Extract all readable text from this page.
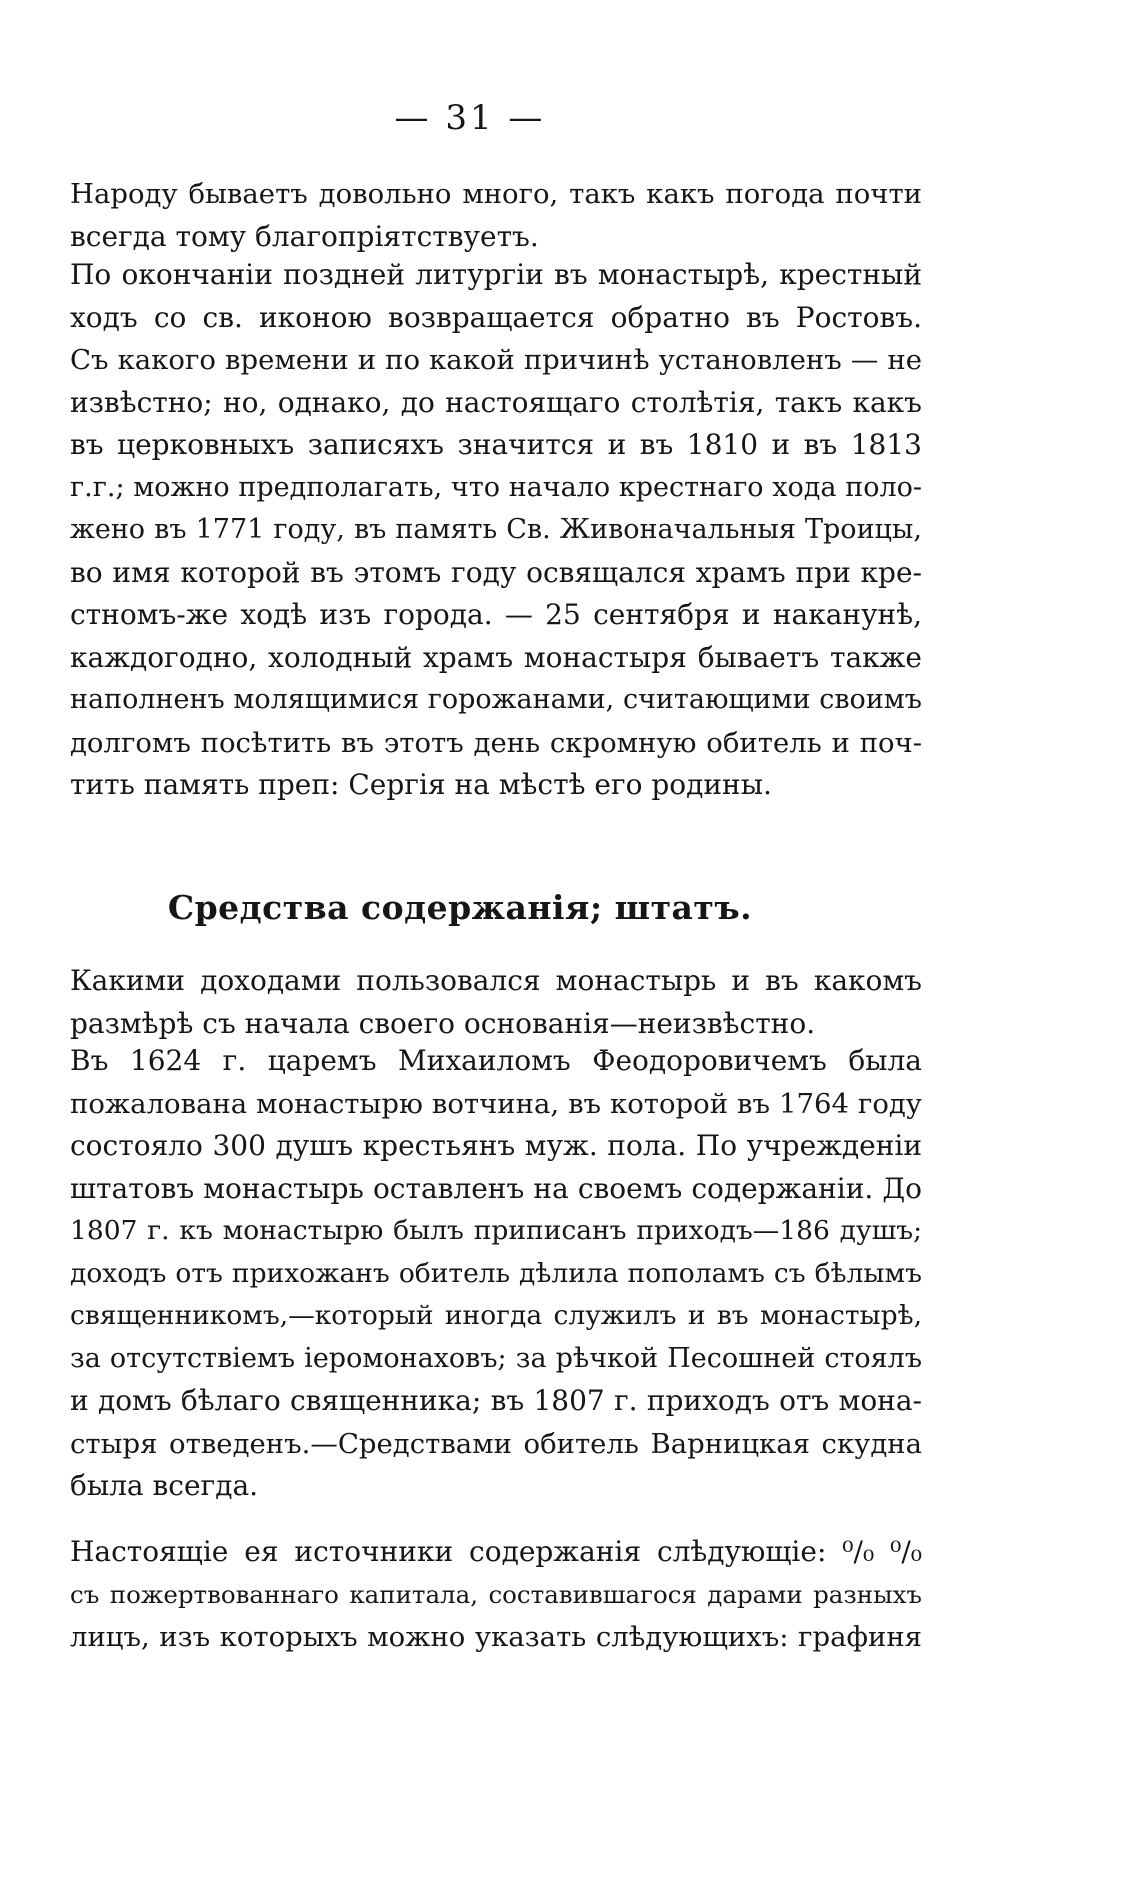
— 31 —
Народу бываетъ довольно много, такъ какъ погода почти
всегда тому благопріятствуетъ.
По окончаніи поздней литургіи въ монастырѣ, крестный
ходъ со св. иконою возвращается обратно въ Ростовъ.
Съ какого времени и по какой причинѣ установленъ — не
извѣстно; но, однако, до настоящаго столѣтія, такъ какъ
въ церковныхъ записяхъ значится и въ 1810 и въ 1813
г.г.; можно предполагать, что начало крестнаго хода поло-
жено въ 1771 году, въ память Св. Живоначальныя Троицы,
во имя которой въ этомъ году освящался храмъ при кре-
стномъ-же ходѣ изъ города. — 25 сентября и наканунѣ,
каждогодно, холодный храмъ монастыря бываетъ также
наполненъ молящимися горожанами, считающими своимъ
долгомъ посѣтить въ этотъ день скромную обитель и поч-
тить память преп: Сергія на мѣстѣ его родины.
Средства содержанія; штатъ.
Какими доходами пользовался монастырь и въ какомъ
размѣрѣ съ начала своего основанія—неизвѣстно.
Въ 1624 г. царемъ Михаиломъ Феодоровичемъ была
пожалована монастырю вотчина, въ которой въ 1764 году
состояло 300 душъ крестьянъ муж. пола. По учрежденіи
штатовъ монастырь оставленъ на своемъ содержаніи. До
1807 г. къ монастырю былъ приписанъ приходъ—186 душъ;
доходъ отъ прихожанъ обитель дѣлила пополамъ съ бѣлымъ
священникомъ,—который иногда служилъ и въ монастырѣ,
за отсутствіемъ іеромонаховъ; за рѣчкой Песошней стоялъ
и домъ бѣлаго священника; въ 1807 г. приходъ отъ мона-
стыря отведенъ.—Средствами обитель Варницкая скудна
была всегда.
Настоящіе ея источники содержанія слѣдующіе: ⁰/₀ ⁰/₀
съ пожертвованнаго капитала, составившагося дарами разныхъ
лицъ, изъ которыхъ можно указать слѣдующихъ: графиня
